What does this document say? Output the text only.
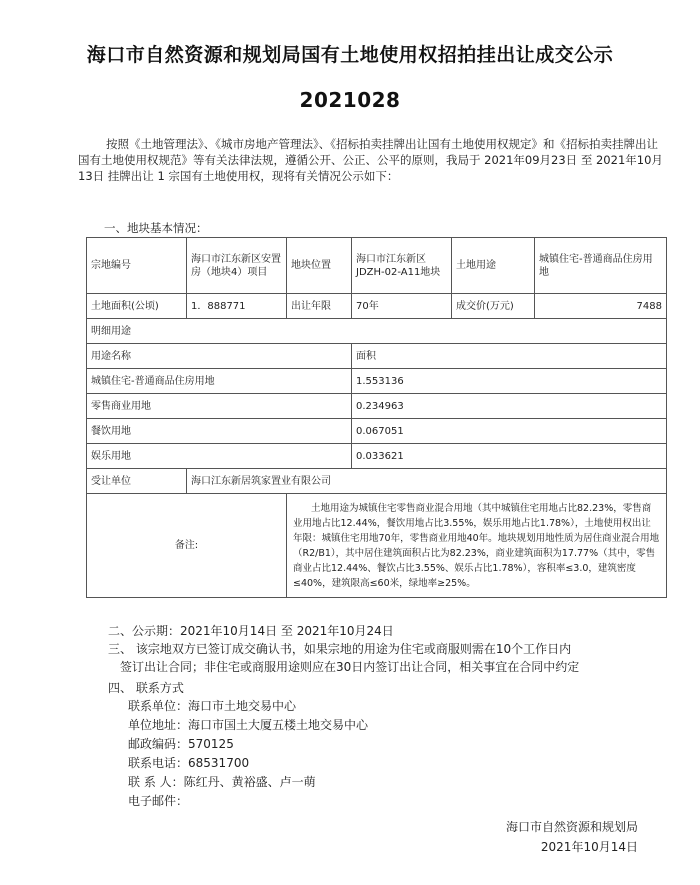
海口市自然资源和规划局国有土地使用权招拍挂出让成交公示
2021028

按照《土地管理法》、《城市房地产管理法》、《招标拍卖挂牌出让国有土地使用权规定》和《招标拍卖挂牌出让国有土地使用权规范》等有关法律法规，遵循公开、公正、公平的原则，我局于 2021年09月23日 至 2021年10月13日 挂牌出让 1 宗国有土地使用权，现将有关情况公示如下：

一、地块基本情况：
宗地编号	海口市江东新区安置房（地块4）项目	地块位置	海口市江东新区JDZH-02-A11地块	土地用途	城镇住宅-普通商品住房用地
土地面积(公顷)	1．888771	出让年限	70年	成交价(万元)	7488
明细用途					
用途名称			面积		
城镇住宅-普通商品住房用地			1.553136		
零售商业用地			0.234963		
餐饮用地			0.067051		
娱乐用地			0.033621		
受让单位	海口江东新居筑家置业有限公司				
备注:		土地用途为城镇住宅零售商业混合用地（其中城镇住宅用地占比82.23%，零售商业用地占比12.44%，餐饮用地占比3.55%，娱乐用地占比1.78%），土地使用权出让年限：城镇住宅用地70年，零售商业用地40年。地块规划用地性质为居住商业混合用地（R2/B1），其中居住建筑面积占比为82.23%，商业建筑面积为17.77%（其中，零售商业占比12.44%、餐饮占比3.55%、娱乐占比1.78%），容积率≤3.0，建筑密度≤40%，建筑限高≤60米，绿地率≥25%。			
二、公示期：2021年10月14日 至 2021年10月24日
三、 该宗地双方已签订成交确认书，如果宗地的用途为住宅或商服则需在10个工作日内
签订出让合同；非住宅或商服用途则应在30日内签订出让合同，相关事宜在合同中约定
四、 联系方式
联系单位：海口市土地交易中心
单位地址：海口市国土大厦五楼土地交易中心
邮政编码：570125
联系电话：68531700
联 系 人：陈红丹、黄裕盛、卢一萌
电子邮件：
海口市自然资源和规划局
2021年10月14日
